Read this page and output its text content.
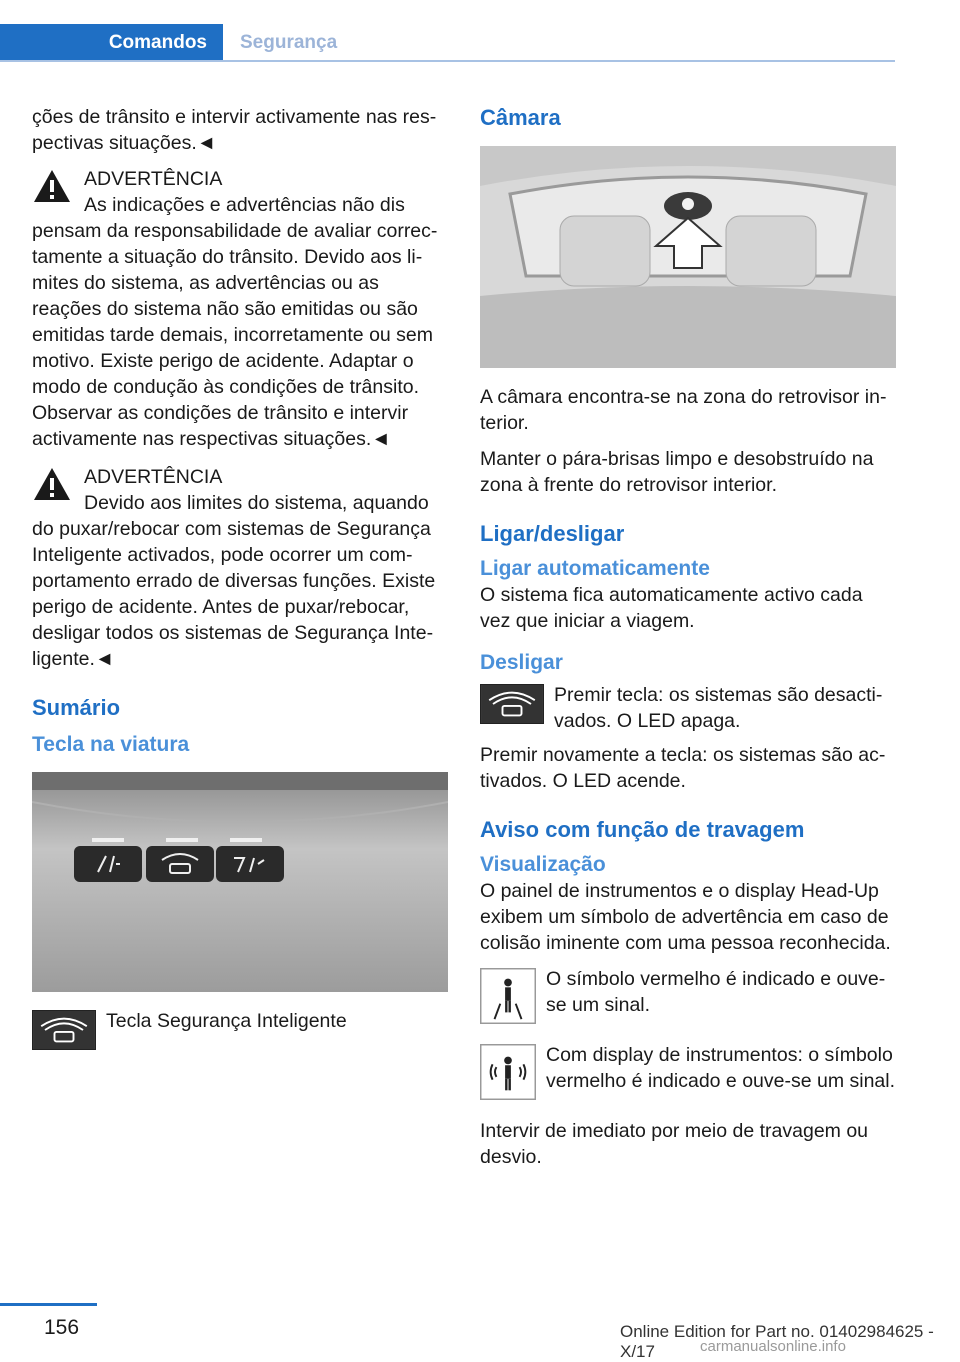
Comandos	Segurança

ções de trânsito e intervir activamente nas respectivas situações.◄

ADVERTÊNCIA
As indicações e advertências não dis
pensam da responsabilidade de avaliar correctamente a situação do trânsito. Devido aos limites do sistema, as advertências ou as reações do sistema não são emitidas ou são emitidas tarde demais, incorretamente ou sem motivo. Existe perigo de acidente. Adaptar o modo de condução às condições de trânsito. Observar as condições de trânsito e intervir activamente nas respectivas situações.◄
ADVERTÊNCIA
Devido aos limites do sistema, aquando
do puxar/rebocar com sistemas de Segurança Inteligente activados, pode ocorrer um comportamento errado de diversas funções. Existe perigo de acidente. Antes de puxar/rebocar, desligar todos os sistemas de Segurança Inteligente.◄
Sumário
Tecla na viatura
Tecla Segurança Inteligente
Câmara

A câmara encontra-se na zona do retrovisor interior.

Manter o pára-brisas limpo e desobstruído na zona à frente do retrovisor interior.

Ligar/desligar
Ligar automaticamente

O sistema fica automaticamente activo cada vez que iniciar a viagem.

Desligar
Premir tecla: os sistemas são desactivados. O LED apaga.

Premir novamente a tecla: os sistemas são activados. O LED acende.

Aviso com função de travagem
Visualização

O painel de instrumentos e o display Head-Up exibem um símbolo de advertência em caso de colisão iminente com uma pessoa reconhecida.

O símbolo vermelho é indicado e ouve-se um sinal.
Com display de instrumentos: o símbolo vermelho é indicado e ouve-se um sinal.

Intervir de imediato por meio de travagem ou desvio.

156	Online Edition for Part no. 01402984625 - X/17	carmanualsonline.info
